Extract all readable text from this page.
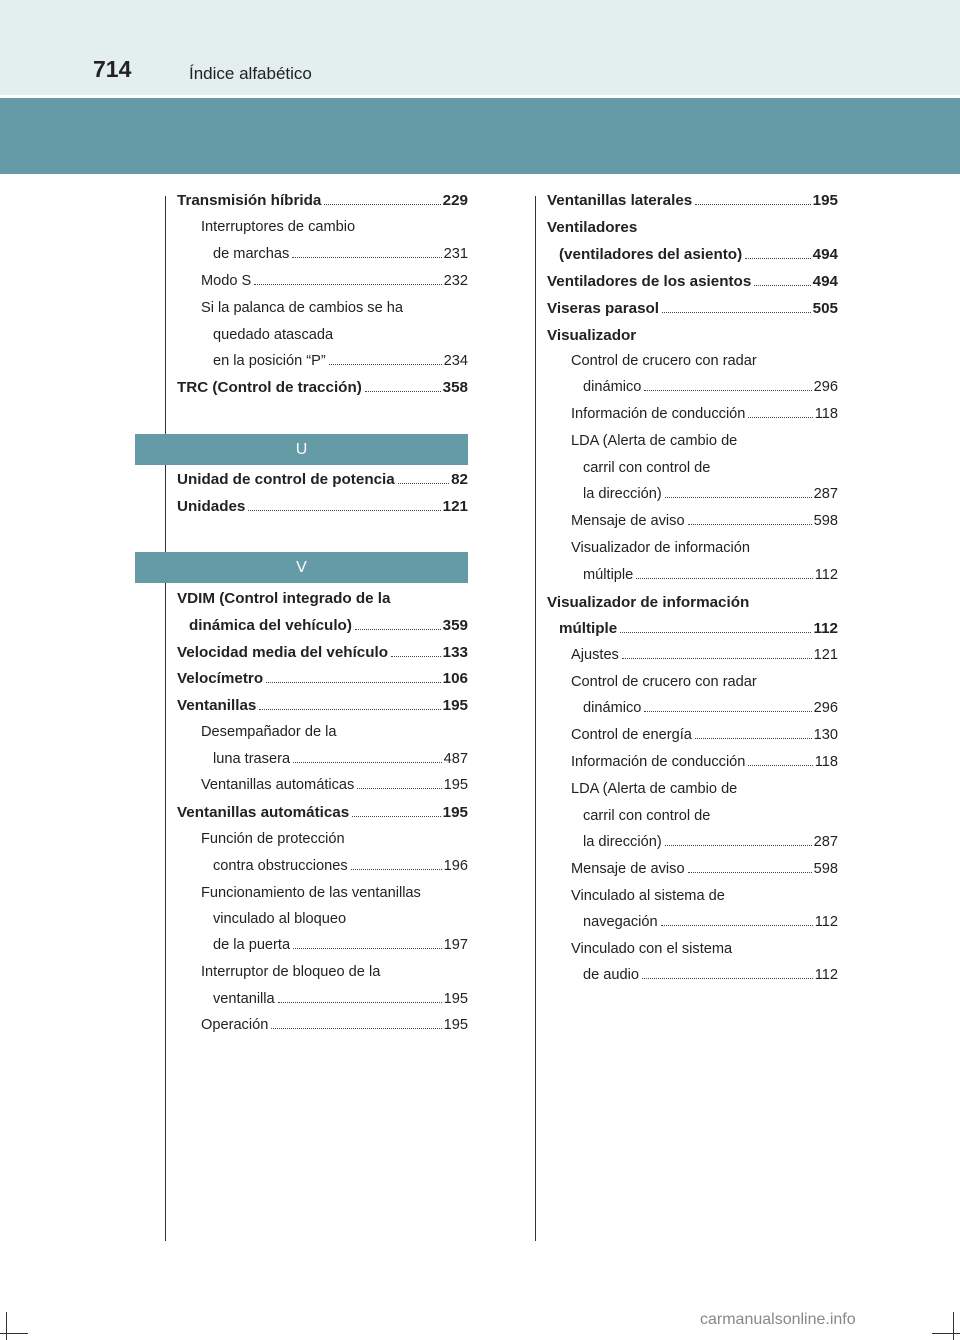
714	Índice alfabético
Transmisión híbrida	229
Interruptores de cambio
de marchas	231
Modo S	232
Si la palanca de cambios se ha
quedado atascada
en la posición “P”	234
TRC (Control de tracción)	358
U
Unidad de control de potencia	82
Unidades	121
V
VDIM (Control integrado de la
dinámica del vehículo)	359
Velocidad media del vehículo	133
Velocímetro	106
Ventanillas	195
Desempañador de la
luna trasera	487
Ventanillas automáticas	195
Ventanillas automáticas	195
Función de protección
contra obstrucciones	196
Funcionamiento de las ventanillas
vinculado al bloqueo
de la puerta	197
Interruptor de bloqueo de la
ventanilla	195
Operación	195
Ventanillas laterales	195
Ventiladores
(ventiladores del asiento)	494
Ventiladores de los asientos	494
Viseras parasol	505
Visualizador
Control de crucero con radar
dinámico	296
Información de conducción	118
LDA (Alerta de cambio de
carril con control de
la dirección)	287
Mensaje de aviso	598
Visualizador de información
múltiple	112
Visualizador de información
múltiple	112
Ajustes	121
Control de crucero con radar
dinámico	296
Control de energía	130
Información de conducción	118
LDA (Alerta de cambio de
carril con control de
la dirección)	287
Mensaje de aviso	598
Vinculado al sistema de
navegación	112
Vinculado con el sistema
de audio	112
carmanualsonline.info
